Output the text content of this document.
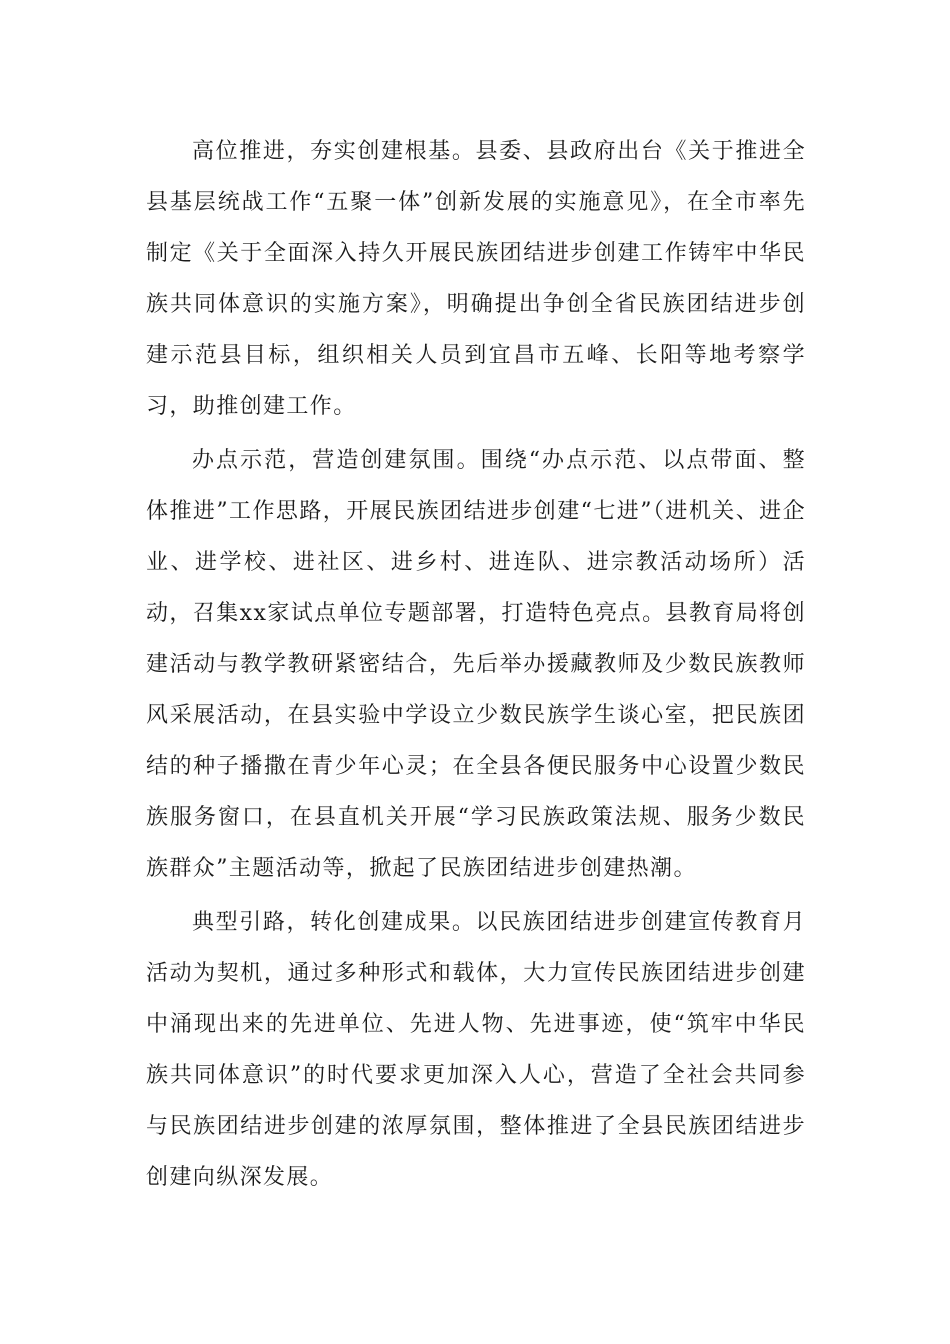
高位推进，夯实创建根基。县委、县政府出台《关于推进全县基层统战工作“五聚一体”创新发展的实施意见》，在全市率先制定《关于全面深入持久开展民族团结进步创建工作铸牢中华民族共同体意识的实施方案》，明确提出争创全省民族团结进步创建示范县目标，组织相关人员到宜昌市五峰、长阳等地考察学习，助推创建工作。

办点示范，营造创建氛围。围绕“办点示范、以点带面、整体推进”工作思路，开展民族团结进步创建“七进”（进机关、进企业、进学校、进社区、进乡村、进连队、进宗教活动场所）活动，召集xx家试点单位专题部署，打造特色亮点。县教育局将创建活动与教学教研紧密结合，先后举办援藏教师及少数民族教师风采展活动，在县实验中学设立少数民族学生谈心室，把民族团结的种子播撒在青少年心灵；在全县各便民服务中心设置少数民族服务窗口，在县直机关开展“学习民族政策法规、服务少数民族群众”主题活动等，掀起了民族团结进步创建热潮。

典型引路，转化创建成果。以民族团结进步创建宣传教育月活动为契机，通过多种形式和载体，大力宣传民族团结进步创建中涌现出来的先进单位、先进人物、先进事迹，使“筑牢中华民族共同体意识”的时代要求更加深入人心，营造了全社会共同参与民族团结进步创建的浓厚氛围，整体推进了全县民族团结进步创建向纵深发展。
